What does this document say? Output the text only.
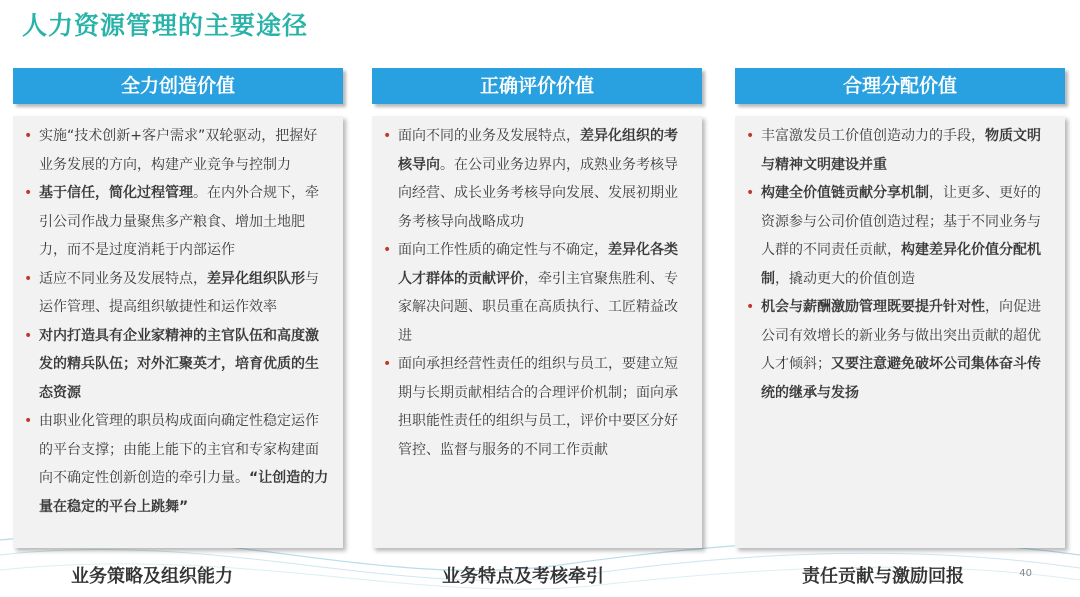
人力资源管理的主要途径
全力创造价值
• 实施“技术创新+客户需求”双轮驱动，把握好业务发展的方向，构建产业竞争与控制力
• 基于信任，简化过程管理。在内外合规下，牵引公司作战力量聚焦多产粮食、增加土地肥力，而不是过度消耗于内部运作
• 适应不同业务及发展特点，差异化组织队形与运作管理、提高组织敏捷性和运作效率
• 对内打造具有企业家精神的主官队伍和高度激发的精兵队伍；对外汇聚英才，培育优质的生态资源
• 由职业化管理的职员构成面向确定性稳定运作的平台支撑；由能上能下的主官和专家构建面向不确定性创新创造的牵引力量。“让创造的力量在稳定的平台上跳舞”
正确评价价值
• 面向不同的业务及发展特点，差异化组织的考核导向。在公司业务边界内，成熟业务考核导向经营、成长业务考核导向发展、发展初期业务考核导向战略成功
• 面向工作性质的确定性与不确定，差异化各类人才群体的贡献评价，牵引主官聚焦胜利、专家解决问题、职员重在高质执行、工匠精益改进
• 面向承担经营性责任的组织与员工，要建立短期与长期贡献相结合的合理评价机制；面向承担职能性责任的组织与员工，评价中要区分好管控、监督与服务的不同工作贡献
合理分配价值
• 丰富激发员工价值创造动力的手段，物质文明与精神文明建设并重
• 构建全价值链贡献分享机制，让更多、更好的资源参与公司价值创造过程；基于不同业务与人群的不同责任贡献，构建差异化价值分配机制，撬动更大的价值创造
• 机会与薪酬激励管理既要提升针对性，向促进公司有效增长的新业务与做出突出贡献的超优人才倾斜；又要注意避免破坏公司集体奋斗传统的继承与发扬
业务策略及组织能力	业务特点及考核牵引	责任贡献与激励回报	40
